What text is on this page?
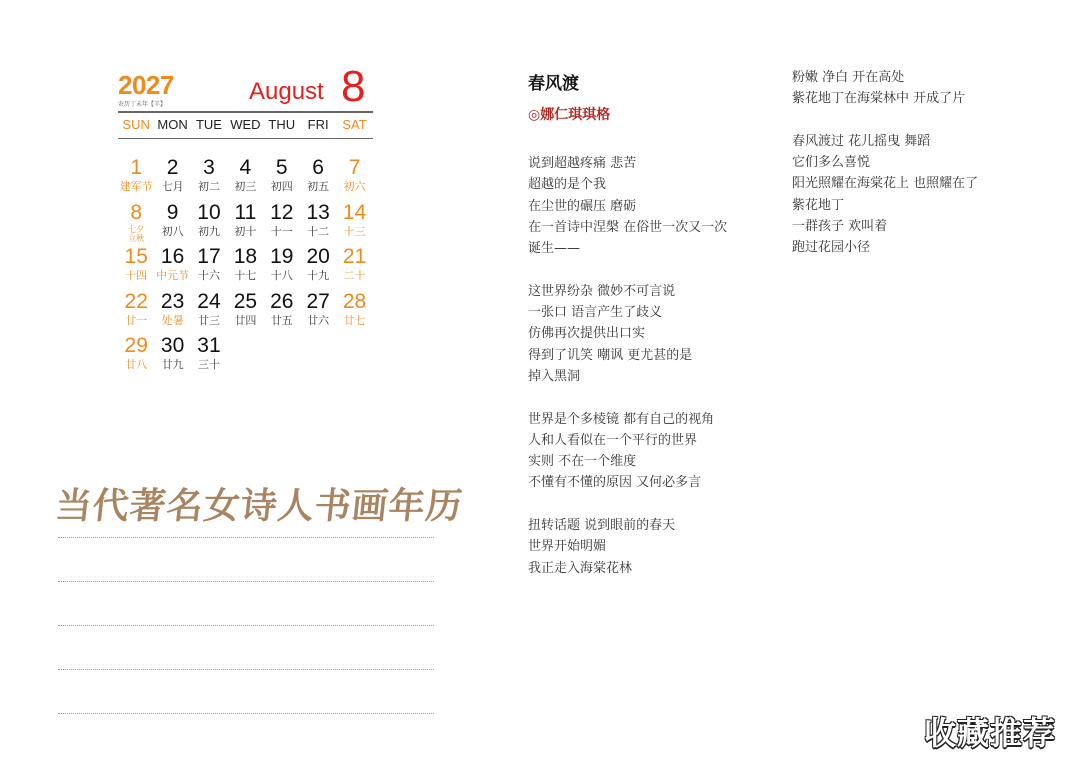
2027
农历丁未年【羊】	August 8
SUN MON TUE WED THU FRI	SAT
1
建军节
2
七月
3
初二
4
初三
5
初四
6
初五
7
初六
8
七夕
立秋
9
初八
10
初九
11
初十
12
十一
13
十二
14
十三
15
十四
16
中元节
17
十六
18
十七
19
十八
20
十九
21
二十
22
廿一
23
处暑
24
廿三
25
廿四
26
廿五
27
廿六
28
廿七
29
廿八
30
廿九
31
三十
当代著名女诗人书画年历
春风渡
◎娜仁琪琪格
说到超越疼痛 悲苦
超越的是个我
在尘世的碾压 磨砺
在一首诗中涅槃 在俗世一次又一次
诞生——
这世界纷杂 微妙不可言说
一张口 语言产生了歧义
仿佛再次提供出口实
得到了讥笑 嘲讽 更尤甚的是
掉入黑洞
世界是个多棱镜 都有自己的视角
人和人看似在一个平行的世界
实则 不在一个维度
不懂有不懂的原因 又何必多言
扭转话题 说到眼前的春天
世界开始明媚
我正走入海棠花林
粉嫩 净白 开在高处
紫花地丁在海棠林中 开成了片
春风渡过 花儿摇曳 舞蹈
它们多么喜悦
阳光照耀在海棠花上 也照耀在了
紫花地丁
一群孩子 欢叫着
跑过花园小径
收藏推荐
